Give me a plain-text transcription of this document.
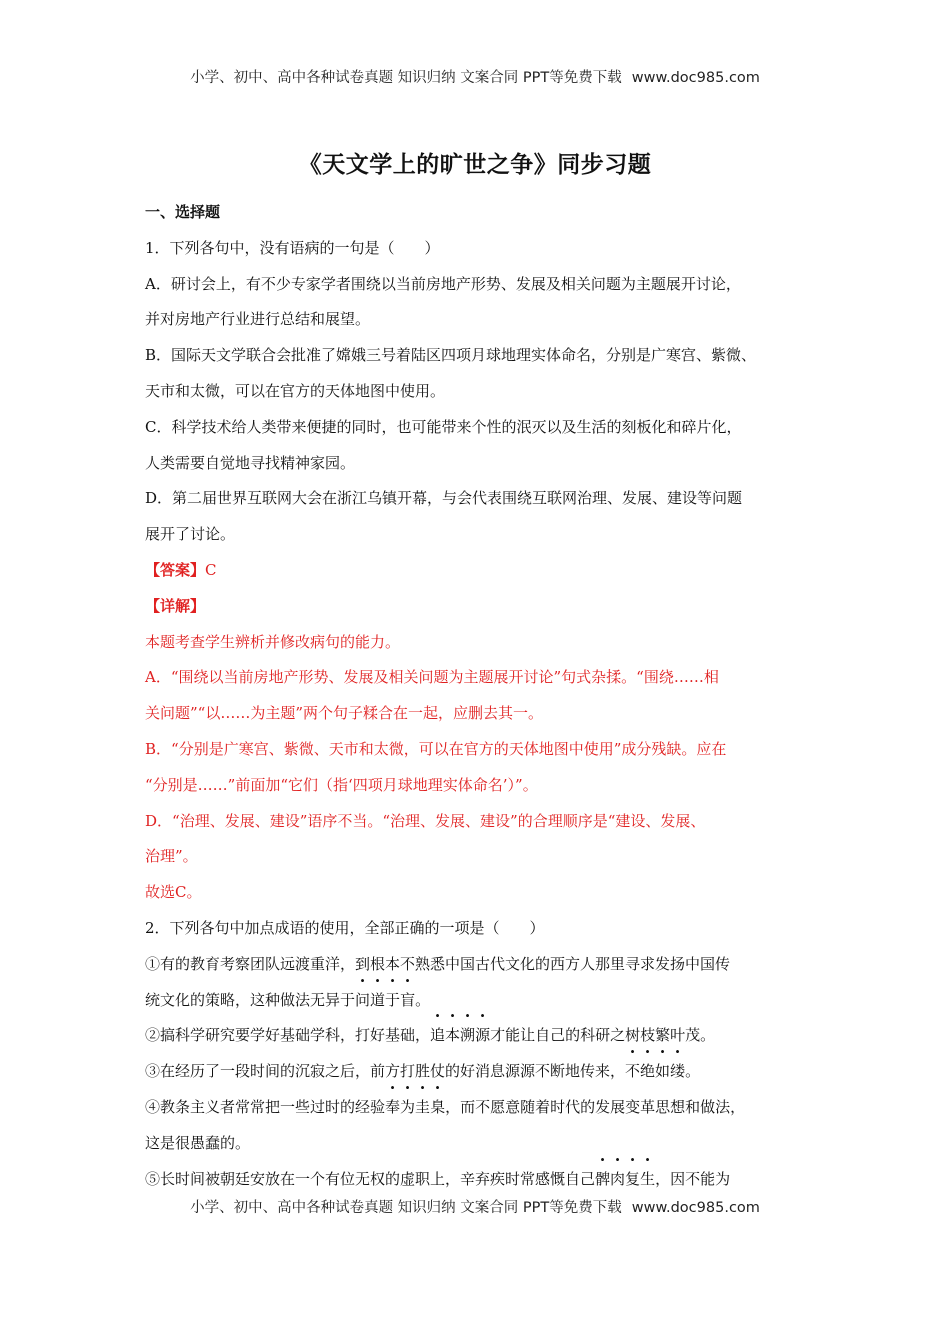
小学、初中、高中各种试卷真题 知识归纳 文案合同 PPT等免费下载 www.doc985.com
《天文学上的旷世之争》同步习题
一、选择题
1．下列各句中，没有语病的一句是（　　）
A．研讨会上，有不少专家学者围绕以当前房地产形势、发展及相关问题为主题展开讨论，
并对房地产行业进行总结和展望。
B．国际天文学联合会批准了嫦娥三号着陆区四项月球地理实体命名，分别是广寒宫、紫微、
天市和太微，可以在官方的天体地图中使用。
C．科学技术给人类带来便捷的同时，也可能带来个性的泯灭以及生活的刻板化和碎片化，
人类需要自觉地寻找精神家园。
D．第二届世界互联网大会在浙江乌镇开幕，与会代表围绕互联网治理、发展、建设等问题
展开了讨论。
【答案】C
【详解】
本题考查学生辨析并修改病句的能力。
A．“围绕以当前房地产形势、发展及相关问题为主题展开讨论”句式杂揉。“围绕……相
关问题”“以……为主题”两个句子糅合在一起，应删去其一。
B．“分别是广寒宫、紫微、天市和太微，可以在官方的天体地图中使用”成分残缺。应在
“分别是……”前面加“它们（指‘四项月球地理实体命名’）”。
D．“治理、发展、建设”语序不当。“治理、发展、建设”的合理顺序是“建设、发展、
治理”。
故选C。
2．下列各句中加点成语的使用，全部正确的一项是（　　）
①有的教育考察团队远渡重洋，到根本不熟悉中国古代文化的西方人那里寻求发扬中国传
统文化的策略，这种做法无异于问道于盲。
②搞科学研究要学好基础学科，打好基础，追本溯源才能让自己的科研之树枝繁叶茂。
③在经历了一段时间的沉寂之后，前方打胜仗的好消息源源不断地传来，不绝如缕。
④教条主义者常常把一些过时的经验奉为圭臬，而不愿意随着时代的发展变革思想和做法，
这是很愚蠢的。
⑤长时间被朝廷安放在一个有位无权的虚职上，辛弃疾时常感慨自己髀肉复生，因不能为
小学、初中、高中各种试卷真题 知识归纳 文案合同 PPT等免费下载 www.doc985.com
